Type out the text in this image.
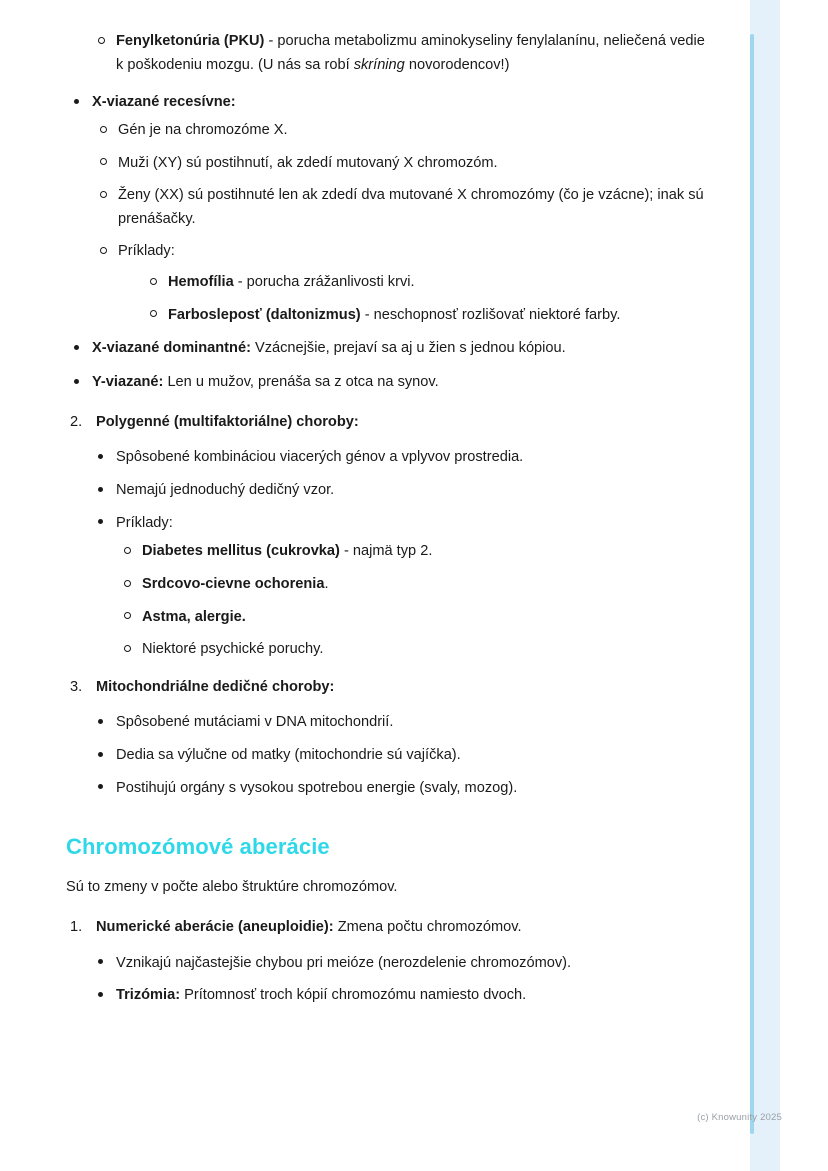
Fenylketonúria (PKU) - porucha metabolizmu aminokyseliny fenylalanínu, neliečená vedie k poškodeniu mozgu. (U nás sa robí skríning novorodencov!)
X-viazané recesívne:
Gén je na chromozóme X.
Muži (XY) sú postihnutí, ak zdedí mutovaný X chromozóm.
Ženy (XX) sú postihnuté len ak zdedí dva mutované X chromozómy (čo je vzácne); inak sú prenášačky.
Príklady:
Hemofília - porucha zrážanlivosti krvi.
Farbosleposť (daltonizmus) - neschopnosť rozlišovať niektoré farby.
X-viazané dominantné: Vzácnejšie, prejaví sa aj u žien s jednou kópiou.
Y-viazané: Len u mužov, prenáša sa z otca na synov.
2. Polygenné (multifaktoriálne) choroby:
Spôsobené kombináciou viacerých génov a vplyvov prostredia.
Nemajú jednoduchý dedičný vzor.
Príklady:
Diabetes mellitus (cukrovka) - najmä typ 2.
Srdcovo-cievne ochorenia.
Astma, alergie.
Niektoré psychické poruchy.
3. Mitochondriálne dedičné choroby:
Spôsobené mutáciami v DNA mitochondrií.
Dedia sa výlučne od matky (mitochondrie sú vajíčka).
Postihujú orgány s vysokou spotrebou energie (svaly, mozog).
Chromozómové aberácie

Sú to zmeny v počte alebo štruktúre chromozómov.

1. Numerické aberácie (aneuploidie): Zmena počtu chromozómov.
Vznikajú najčastejšie chybou pri meióze (nerozdelenie chromozómov).
Trizómia: Prítomnosť troch kópií chromozómu namiesto dvoch.
(c) Knowunity 2025
